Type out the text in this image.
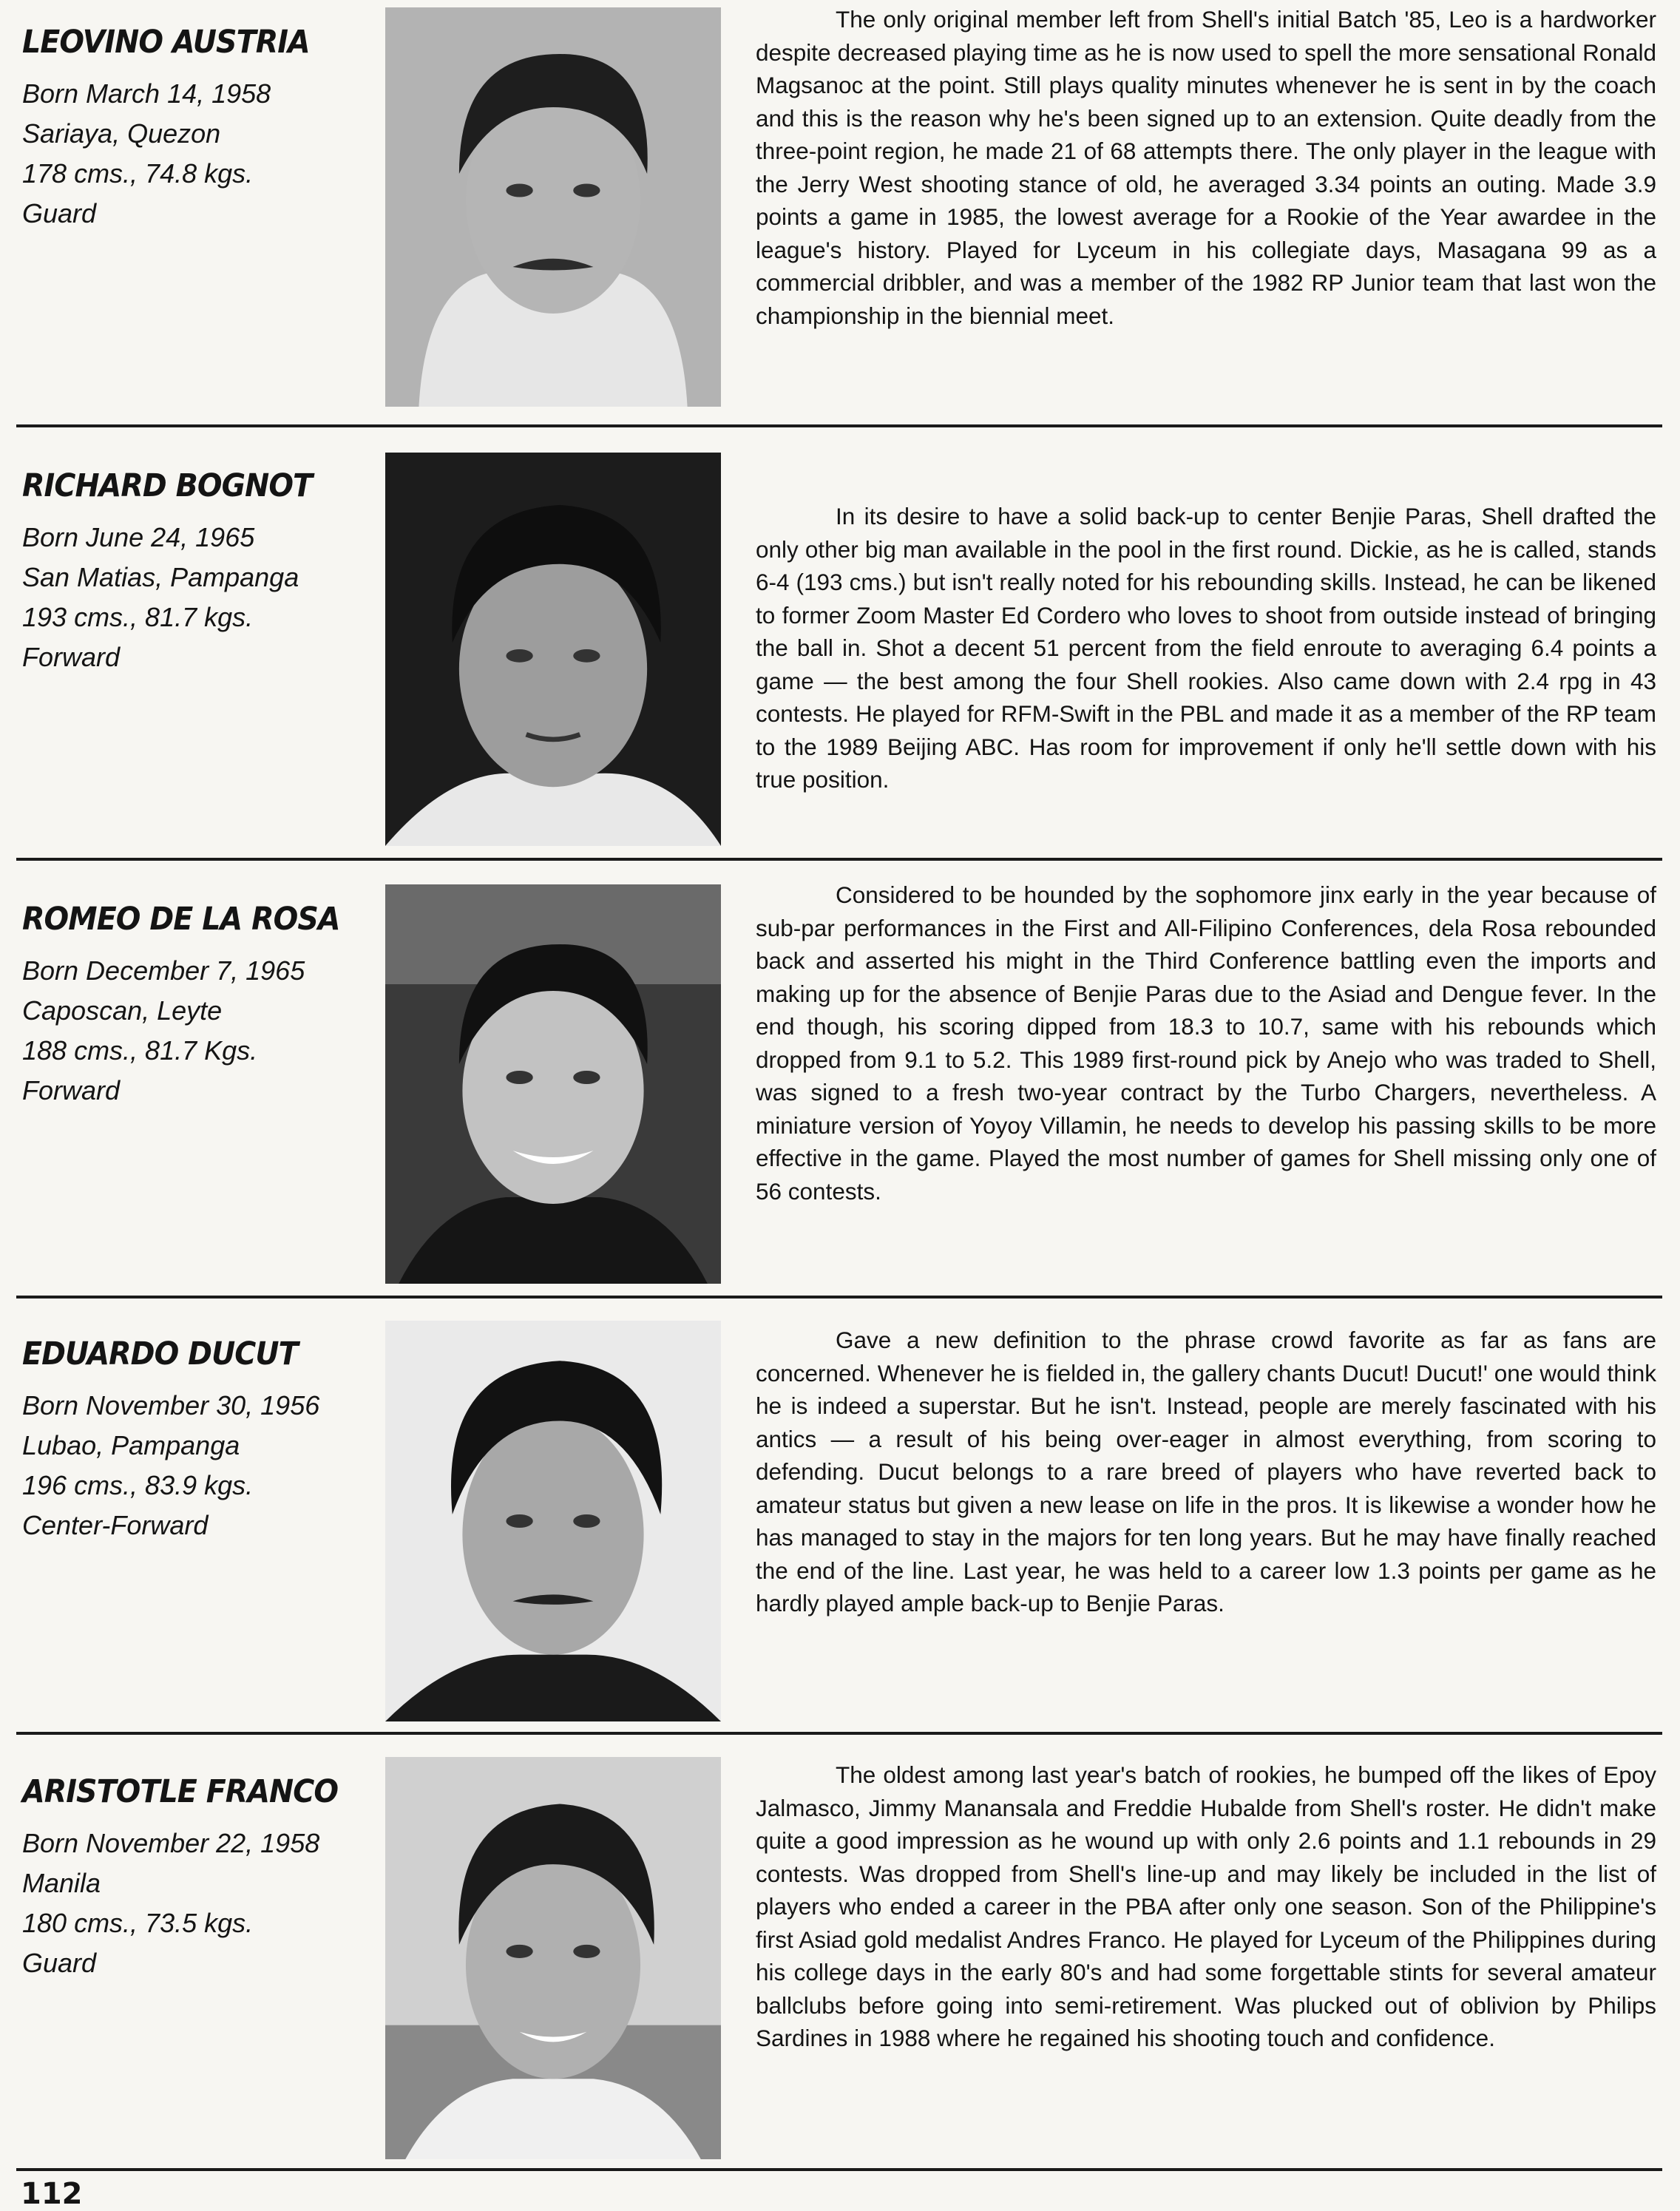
LEOVINO AUSTRIA
Born March 14, 1958
Sariaya, Quezon
178 cms., 74.8 kgs.
Guard

The only original member left from Shell's initial Batch '85, Leo is a hardworker despite decreased playing time as he is now used to spell the more sensational Ronald Magsanoc at the point. Still plays quality minutes whenever he is sent in by the coach and this is the reason why he's been signed up to an extension. Quite deadly from the three-point region, he made 21 of 68 attempts there. The only player in the league with the Jerry West shooting stance of old, he averaged 3.34 points an outing. Made 3.9 points a game in 1985, the lowest average for a Rookie of the Year awardee in the league's history. Played for Lyceum in his collegiate days, Masagana 99 as a commercial dribbler, and was a member of the 1982 RP Junior team that last won the championship in the biennial meet.

RICHARD BOGNOT
Born June 24, 1965
San Matias, Pampanga
193 cms., 81.7 kgs.
Forward

In its desire to have a solid back-up to center Benjie Paras, Shell drafted the only other big man available in the pool in the first round. Dickie, as he is called, stands 6-4 (193 cms.) but isn't really noted for his rebounding skills. Instead, he can be likened to former Zoom Master Ed Cordero who loves to shoot from outside instead of bringing the ball in. Shot a decent 51 percent from the field enroute to averaging 6.4 points a game — the best among the four Shell rookies. Also came down with 2.4 rpg in 43 contests. He played for RFM-Swift in the PBL and made it as a member of the RP team to the 1989 Beijing ABC. Has room for improvement if only he'll settle down with his true position.

ROMEO DE LA ROSA
Born December 7, 1965
Caposcan, Leyte
188 cms., 81.7 Kgs.
Forward

Considered to be hounded by the sophomore jinx early in the year because of sub-par performances in the First and All-Filipino Conferences, dela Rosa rebounded back and asserted his might in the Third Conference battling even the imports and making up for the absence of Benjie Paras due to the Asiad and Dengue fever. In the end though, his scoring dipped from 18.3 to 10.7, same with his rebounds which dropped from 9.1 to 5.2. This 1989 first-round pick by Anejo who was traded to Shell, was signed to a fresh two-year contract by the Turbo Chargers, nevertheless. A miniature version of Yoyoy Villamin, he needs to develop his passing skills to be more effective in the game. Played the most number of games for Shell missing only one of 56 contests.

EDUARDO DUCUT
Born November 30, 1956
Lubao, Pampanga
196 cms., 83.9 kgs.
Center-Forward

Gave a new definition to the phrase crowd favorite as far as fans are concerned. Whenever he is fielded in, the gallery chants Ducut! Ducut!' one would think he is indeed a superstar. But he isn't. Instead, people are merely fascinated with his antics — a result of his being over-eager in almost everything, from scoring to defending. Ducut belongs to a rare breed of players who have reverted back to amateur status but given a new lease on life in the pros. It is likewise a wonder how he has managed to stay in the majors for ten long years. But he may have finally reached the end of the line. Last year, he was held to a career low 1.3 points per game as he hardly played ample back-up to Benjie Paras.

ARISTOTLE FRANCO
Born November 22, 1958
Manila
180 cms., 73.5 kgs.
Guard

The oldest among last year's batch of rookies, he bumped off the likes of Epoy Jalmasco, Jimmy Manansala and Freddie Hubalde from Shell's roster. He didn't make quite a good impression as he wound up with only 2.6 points and 1.1 rebounds in 29 contests. Was dropped from Shell's line-up and may likely be included in the list of players who ended a career in the PBA after only one season. Son of the Philippine's first Asiad gold medalist Andres Franco. He played for Lyceum of the Philippines during his college days in the early 80's and had some forgettable stints for several amateur ballclubs before going into semi-retirement. Was plucked out of oblivion by Philips Sardines in 1988 where he regained his shooting touch and confidence.

112
